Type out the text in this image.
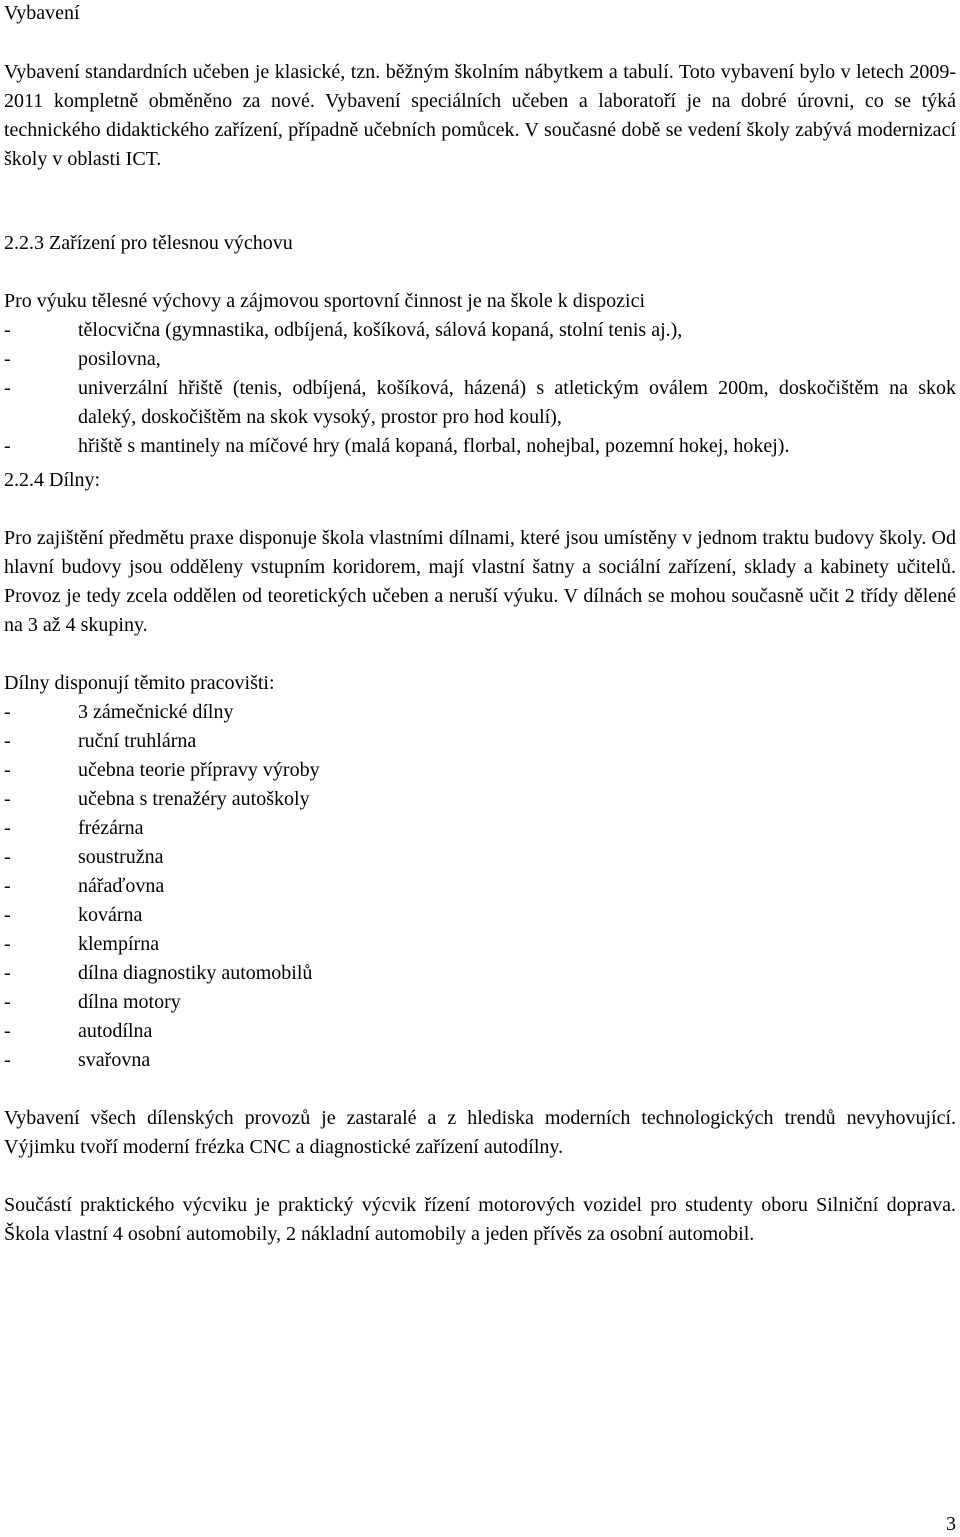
Vybavení

Vybavení standardních učeben je klasické, tzn. běžným školním nábytkem a tabulí. Toto vybavení bylo v letech 2009-2011 kompletně obměněno za nové. Vybavení speciálních učeben a laboratoří je na dobré úrovni, co se týká technického didaktického zařízení, případně učebních pomůcek. V současné době se vedení školy zabývá modernizací školy v oblasti ICT.

2.2.3 Zařízení pro tělesnou výchovu

Pro výuku tělesné výchovy a zájmovou sportovní činnost je na škole k dispozici

-	tělocvična (gymnastika, odbíjená, košíková, sálová kopaná, stolní tenis aj.),
-	posilovna,
-	univerzální hřiště (tenis, odbíjená, košíková, házená) s atletickým oválem 200m, doskočištěm na skok daleký, doskočištěm na skok vysoký, prostor pro hod koulí),
-	hřiště s mantinely na míčové hry (malá kopaná, florbal, nohejbal, pozemní hokej, hokej).
2.2.4 Dílny:

Pro zajištění předmětu praxe disponuje škola vlastními dílnami, které jsou umístěny v jednom traktu budovy školy. Od hlavní budovy jsou odděleny vstupním koridorem, mají vlastní šatny a sociální zařízení, sklady a kabinety učitelů. Provoz je tedy zcela oddělen od teoretických učeben a neruší výuku. V dílnách se mohou současně učit 2 třídy dělené na 3 až 4 skupiny.

Dílny disponují těmito pracovišti:
-	3 zámečnické dílny
-	ruční truhlárna
-	učebna teorie přípravy výroby
-	učebna s trenažéry autoškoly
-	frézárna
-	soustružna
-	nářaďovna
-	kovárna
-	klempírna
-	dílna diagnostiky automobilů
-	dílna motory
-	autodílna
-	svařovna

Vybavení všech dílenských provozů je zastaralé a z hlediska moderních technologických trendů nevyhovující. Výjimku tvoří moderní frézka CNC a diagnostické zařízení autodílny.

Součástí praktického výcviku je praktický výcvik řízení motorových vozidel pro studenty oboru Silniční doprava. Škola vlastní 4 osobní automobily, 2 nákladní automobily a jeden přívěs za osobní automobil.

3
